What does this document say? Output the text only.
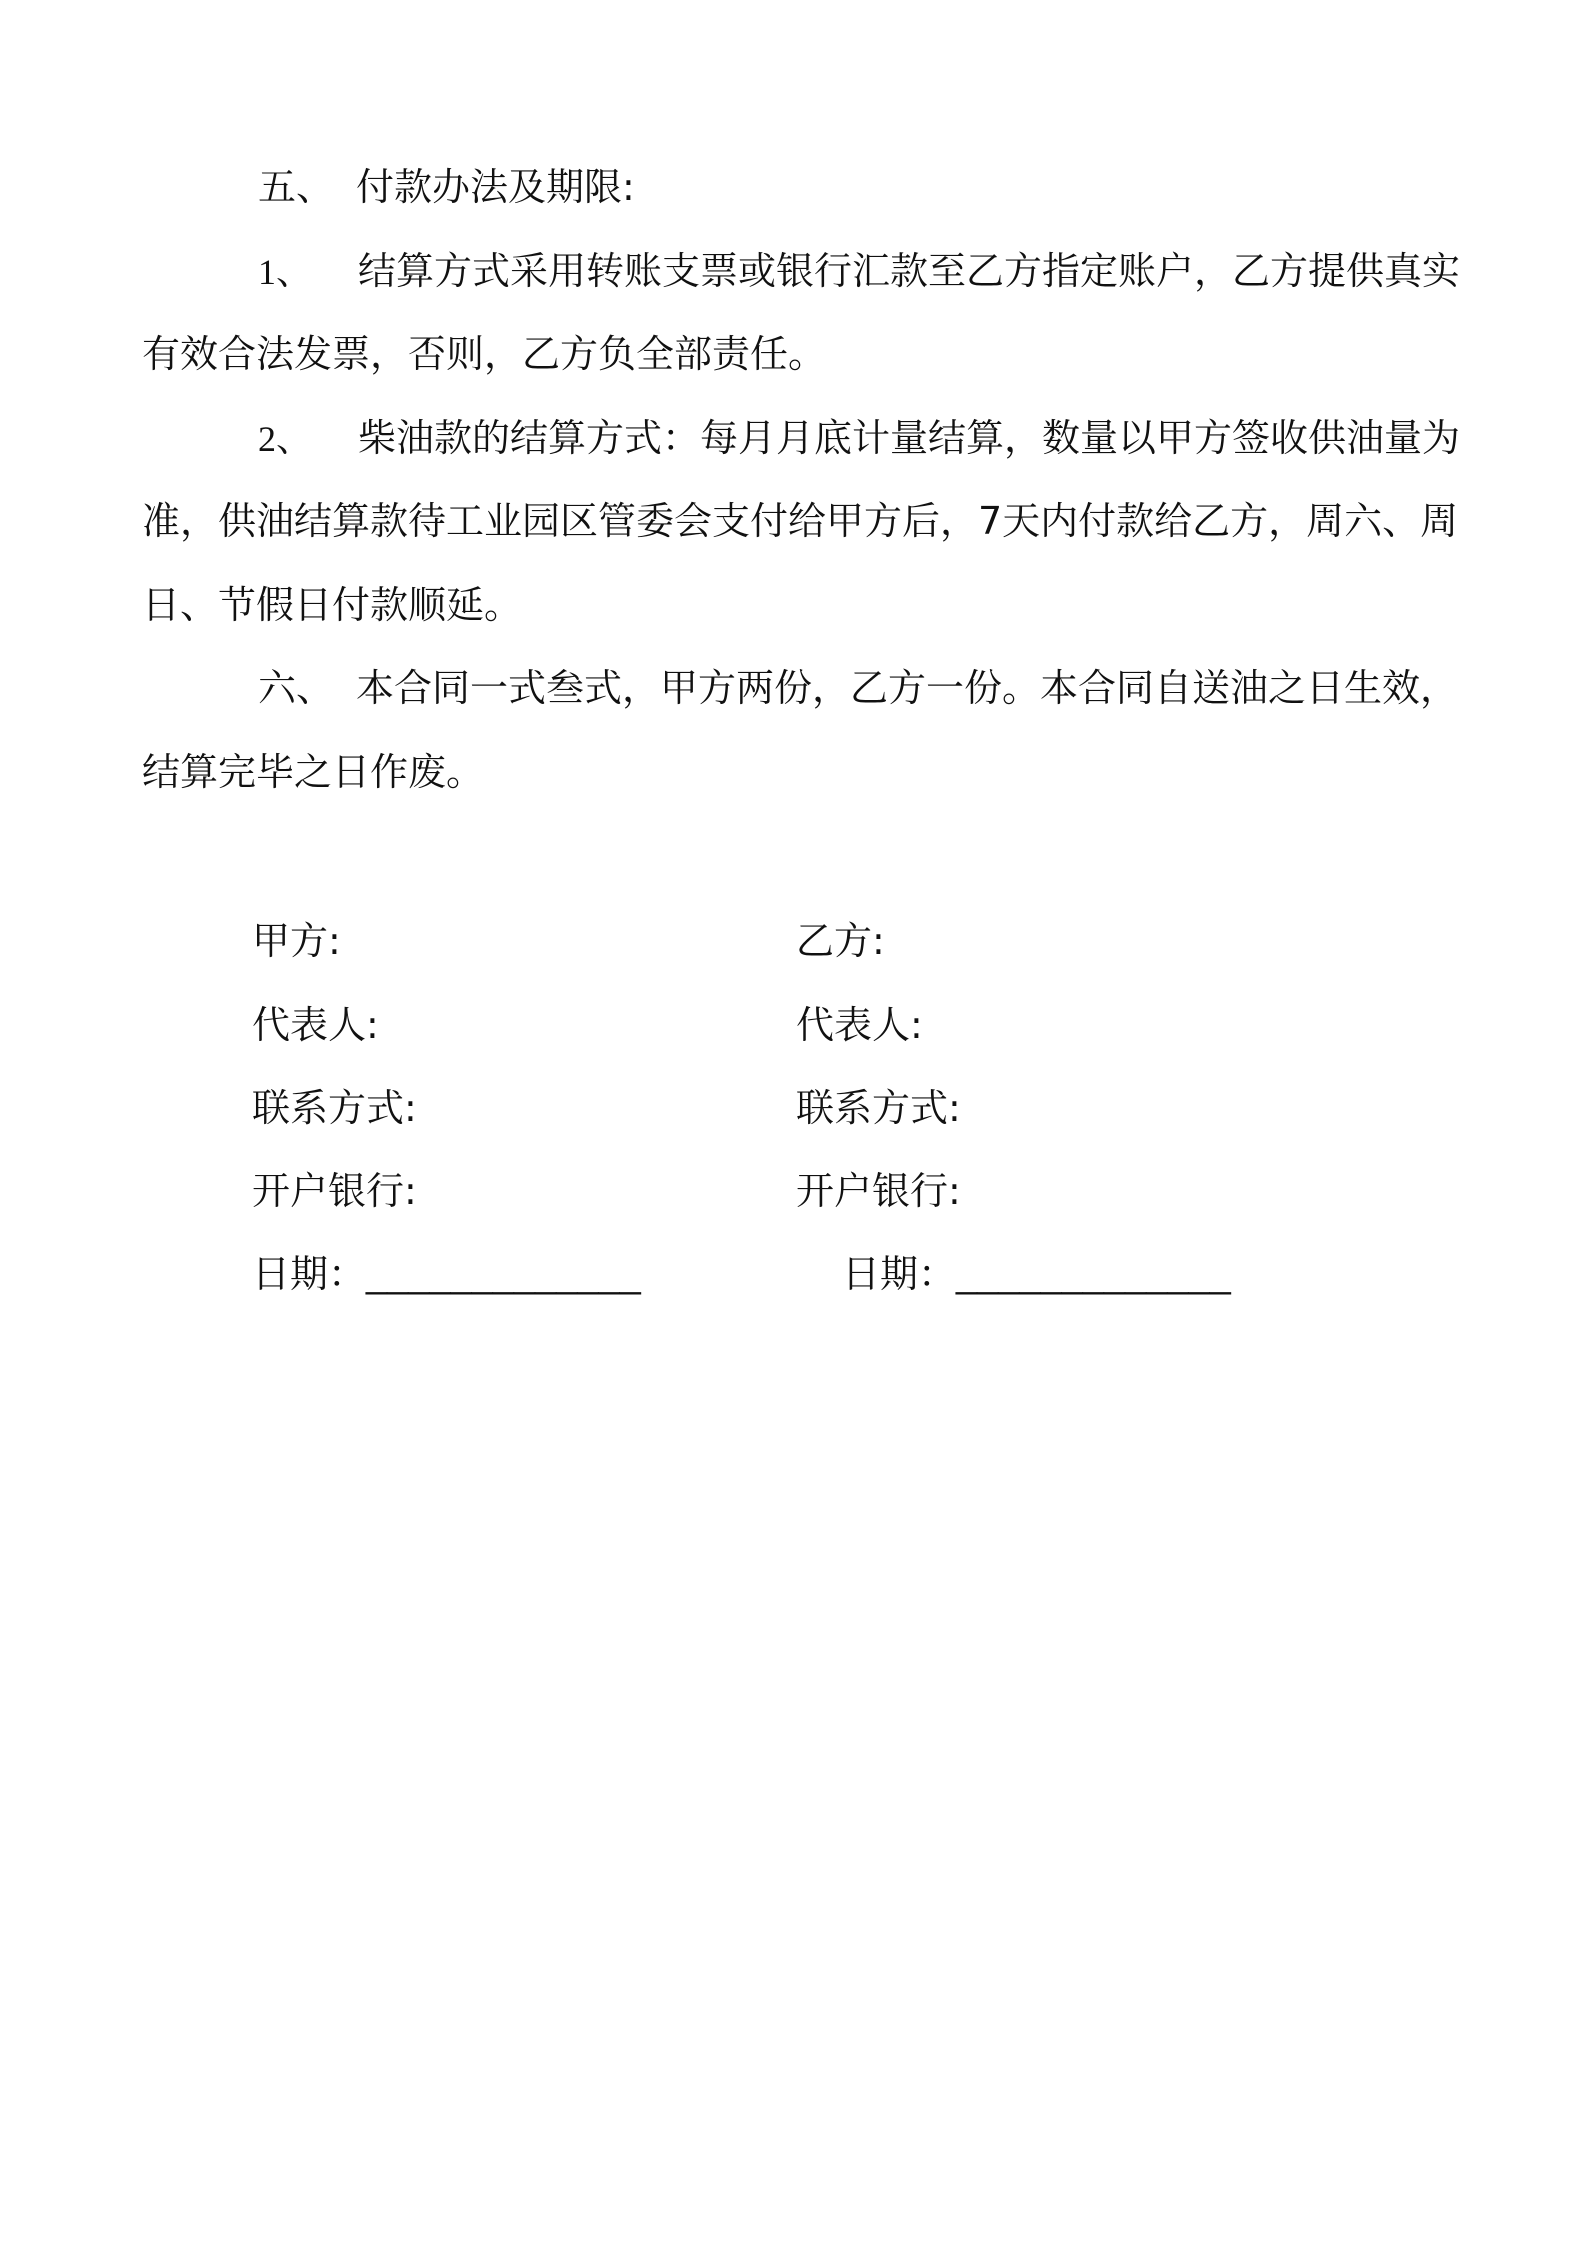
五、 付款办法及期限:
1、 结算方式采用转账支票或银行汇款至乙方指定账户，乙方提供真实
有效合法发票，否则，乙方负全部责任。
2、 柴油款的结算方式：每月月底计量结算，数量以甲方签收供油量为
准，供油结算款待工业园区管委会支付给甲方后，7天内付款给乙方，周六、周
日、节假日付款顺延。
六、 本合同一式叁式，甲方两份，乙方一份。本合同自送油之日生效，
结算完毕之日作废。
甲方:
代表人:
联系方式:
开户银行:
日期：_____________
乙方:
代表人:
联系方式:
开户银行:
日期：_____________
